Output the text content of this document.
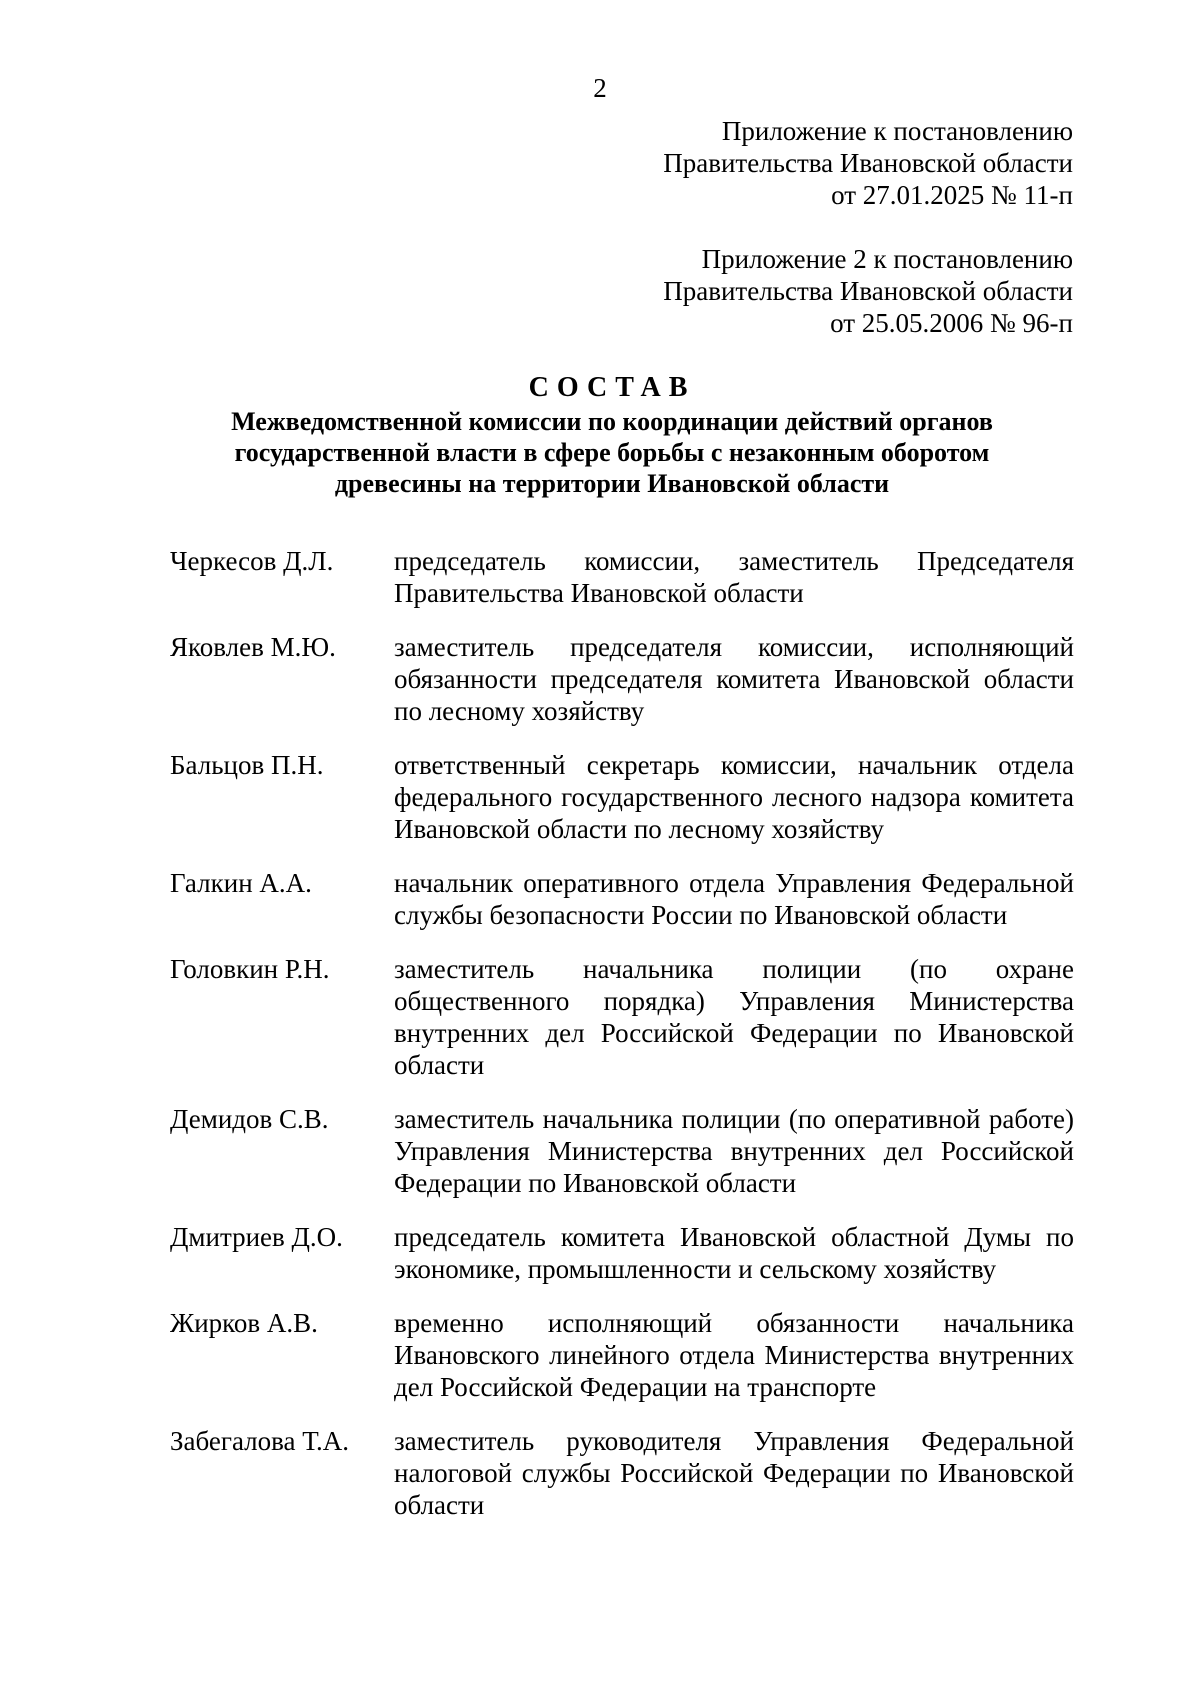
2
Приложение к постановлению
Правительства Ивановской области
от 27.01.2025 № 11-п
Приложение 2 к постановлению
Правительства Ивановской области
от 25.05.2006 № 96-п
СОСТАВ
Межведомственной комиссии по координации действий органов
государственной власти в сфере борьбы с незаконным оборотом
древесины на территории Ивановской области
Черкесов Д.Л.	председатель комиссии, заместитель Председателя Правительства Ивановской области
Яковлев М.Ю.	заместитель председателя комиссии, исполняющий обязанности председателя комитета Ивановской области по лесному хозяйству
Бальцов П.Н.	ответственный секретарь комиссии, начальник отдела федерального государственного лесного надзора комитета Ивановской области по лесному хозяйству
Галкин А.А.	начальник оперативного отдела Управления Федеральной службы безопасности России по Ивановской области
Головкин Р.Н.	заместитель начальника полиции (по охране общественного порядка) Управления Министерства внутренних дел Российской Федерации по Ивановской области
Демидов С.В.	заместитель начальника полиции (по оперативной работе) Управления Министерства внутренних дел Российской Федерации по Ивановской области
Дмитриев Д.О.	председатель комитета Ивановской областной Думы по экономике, промышленности и сельскому хозяйству
Жирков А.В.	временно исполняющий обязанности начальника Ивановского линейного отдела Министерства внутренних дел Российской Федерации на транспорте
Забегалова Т.А.	заместитель руководителя Управления Федеральной налоговой службы Российской Федерации по Ивановской области
